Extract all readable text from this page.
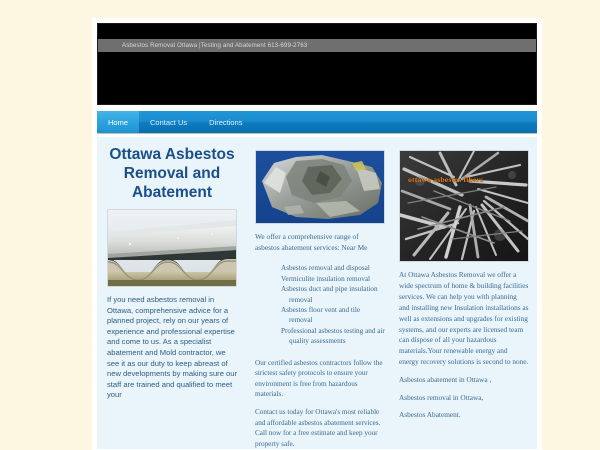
Asbestos Removal Ottawa |Testing and Abatement 613-699-2763
Home	Contact Us	Directions
Ottawa Asbestos Removal and Abatement
If you need asbestos removal in Ottawa, comprehensive advice for a planned project, rely on our years of experience and professional expertise and come to us. As a specialist abatement and Mold contractor, we see it as our duty to keep abreast of new developments by making sure our staff are trained and qualified to meet your
We offer a comprehensive range of asbestos abatement services: Near Me
Asbestos removal and disposal
Vermiculite insulation removal
Asbestos duct and pipe insulation removal
Asbestos floor vent and tile removal
Professional asbestos testing and air quality assessments

Our certified asbestos contractors follow the strictest safety protocols to ensure your environment is free from hazardous materials.

Contact us today for Ottawa's most reliable and affordable asbestos abatement services. Call now for a free estimate and keep your property safe.

ottawa asbestos fibers

At Ottawa Asbestos Removal we offer a wide spectrum of home & building facilities services. We can help you with planning and installing new Insulation installations as well as extensions and upgrades for existing systems, and our experts are licensed team can dispose of all your hazardous materials.Your renewable energy and energy recovery solutions is second to none.

Asbestos abatement in Ottawa ,

Asbestos removal in Ottawa,

Asbestos Abatement.
